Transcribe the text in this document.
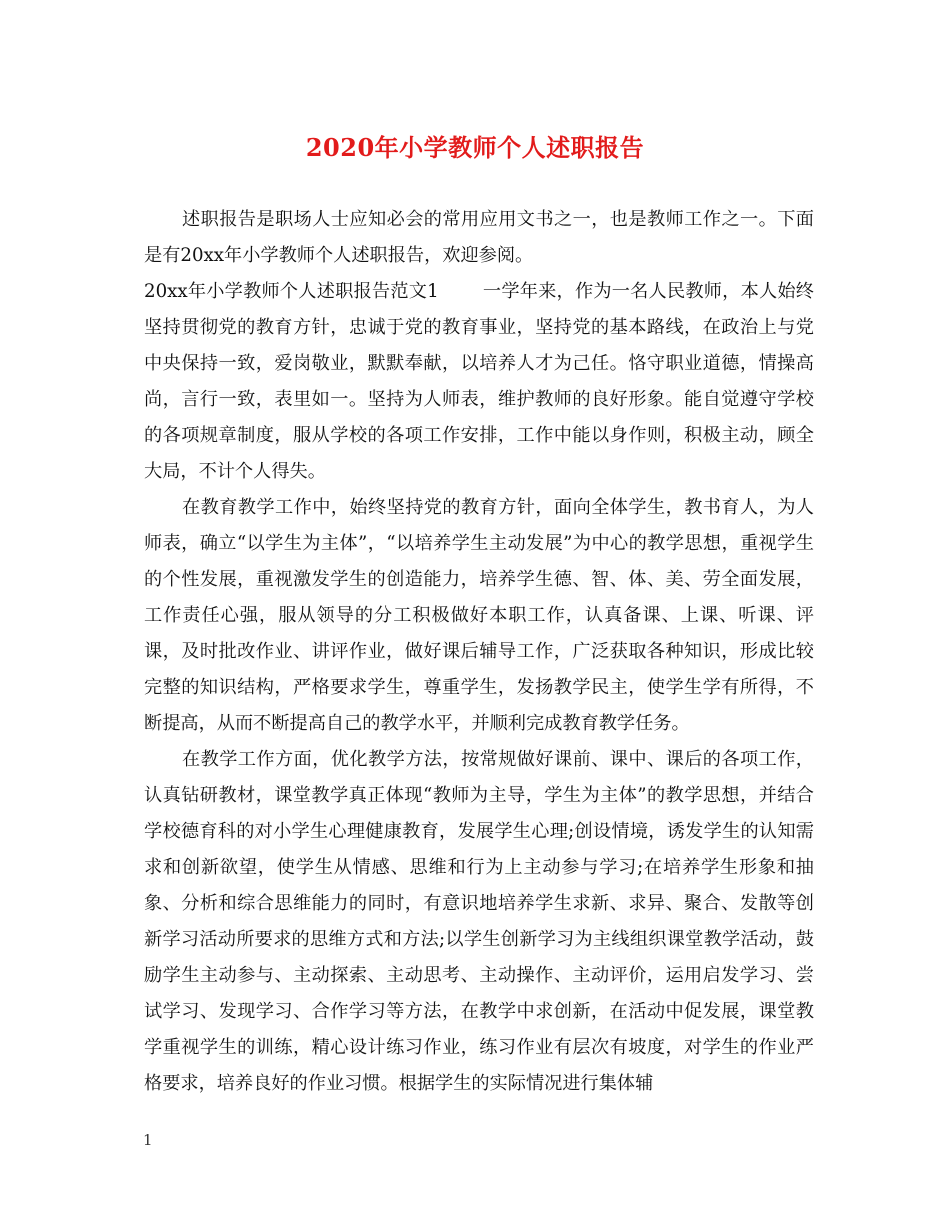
2020年小学教师个人述职报告

述职报告是职场人士应知必会的常用应用文书之一，也是教师工作之一。下面是有20xx年小学教师个人述职报告，欢迎参阅。

20xx年小学教师个人述职报告范文1 一学年来，作为一名人民教师，本人始终坚持贯彻党的教育方针，忠诚于党的教育事业，坚持党的基本路线，在政治上与党中央保持一致，爱岗敬业，默默奉献，以培养人才为己任。恪守职业道德，情操高尚，言行一致，表里如一。坚持为人师表，维护教师的良好形象。能自觉遵守学校的各项规章制度，服从学校的各项工作安排，工作中能以身作则，积极主动，顾全大局，不计个人得失。

在教育教学工作中，始终坚持党的教育方针，面向全体学生，教书育人，为人师表，确立“以学生为主体”，“以培养学生主动发展”为中心的教学思想，重视学生的个性发展，重视激发学生的创造能力，培养学生德、智、体、美、劳全面发展，工作责任心强，服从领导的分工积极做好本职工作，认真备课、上课、听课、评课，及时批改作业、讲评作业，做好课后辅导工作，广泛获取各种知识，形成比较完整的知识结构，严格要求学生，尊重学生，发扬教学民主，使学生学有所得，不断提高，从而不断提高自己的教学水平，并顺利完成教育教学任务。

在教学工作方面，优化教学方法，按常规做好课前、课中、课后的各项工作，认真钻研教材，课堂教学真正体现“教师为主导，学生为主体”的教学思想，并结合学校德育科的对小学生心理健康教育，发展学生心理;创设情境，诱发学生的认知需求和创新欲望，使学生从情感、思维和行为上主动参与学习;在培养学生形象和抽象、分析和综合思维能力的同时，有意识地培养学生求新、求异、聚合、发散等创新学习活动所要求的思维方式和方法;以学生创新学习为主线组织课堂教学活动，鼓励学生主动参与、主动探索、主动思考、主动操作、主动评价，运用启发学习、尝试学习、发现学习、合作学习等方法，在教学中求创新，在活动中促发展，课堂教学重视学生的训练，精心设计练习作业，练习作业有层次有坡度，对学生的作业严格要求，培养良好的作业习惯。根据学生的实际情况进行集体辅

1
